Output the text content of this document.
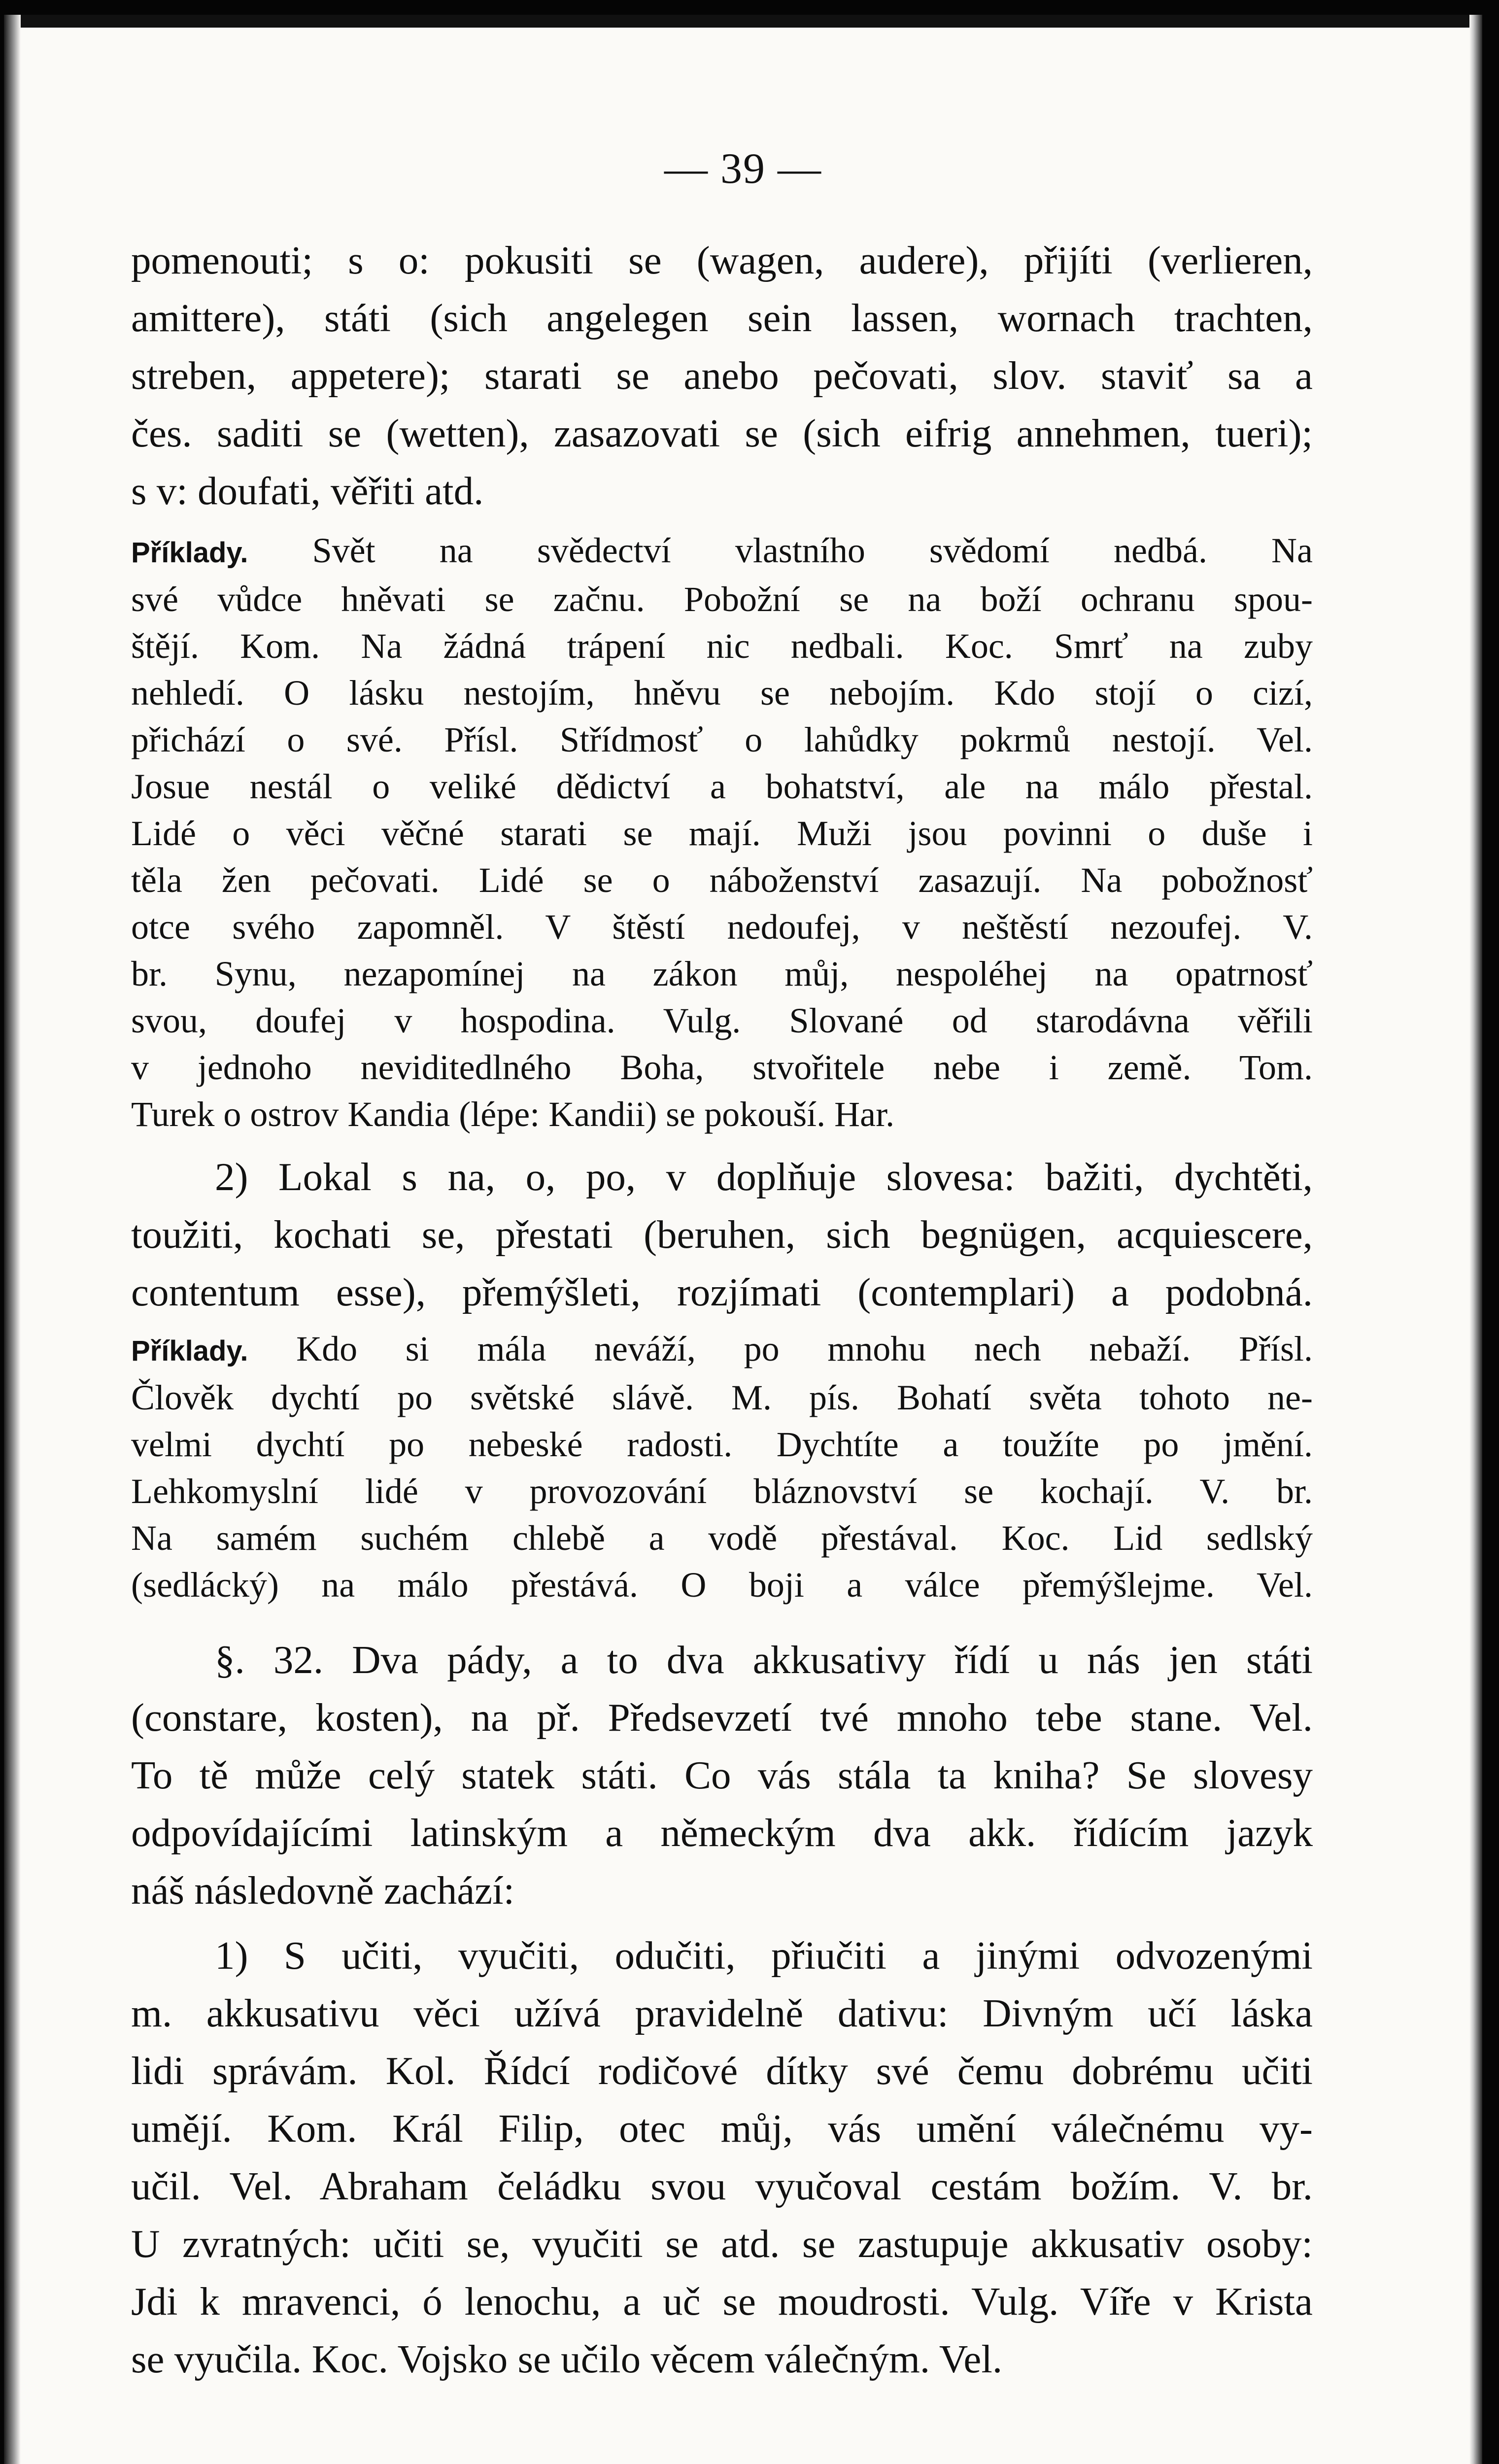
— 39 —
pomenouti; s o: pokusiti se (wagen, audere), přijíti (verlieren,
amittere), státi (sich angelegen sein lassen, wornach trachten,
streben, appetere); starati se anebo pečovati, slov. staviť sa a
čes. saditi se (wetten), zasazovati se (sich eifrig annehmen, tueri);
s v: doufati, věřiti atd.
Příklady. Svět na svědectví vlastního svědomí nedbá. Na
své vůdce hněvati se začnu. Pobožní se na boží ochranu spou-
štějí. Kom. Na žádná trápení nic nedbali. Koc. Smrť na zuby
nehledí. O lásku nestojím, hněvu se nebojím. Kdo stojí o cizí,
přichází o své. Přísl. Střídmosť o lahůdky pokrmů nestojí. Vel.
Josue nestál o veliké dědictví a bohatství, ale na málo přestal.
Lidé o věci věčné starati se mají. Muži jsou povinni o duše i
těla žen pečovati. Lidé se o náboženství zasazují. Na pobožnosť
otce svého zapomněl. V štěstí nedoufej, v neštěstí nezoufej. V.
br. Synu, nezapomínej na zákon můj, nespoléhej na opatrnosť
svou, doufej v hospodina. Vulg. Slované od starodávna věřili
v jednoho neviditedlného Boha, stvořitele nebe i země. Tom.
Turek o ostrov Kandia (lépe: Kandii) se pokouší. Har.
2) Lokal s na, o, po, v doplňuje slovesa: bažiti, dychtěti,
toužiti, kochati se, přestati (beruhen, sich begnügen, acquiescere,
contentum esse), přemýšleti, rozjímati (contemplari) a podobná.
Příklady. Kdo si mála neváží, po mnohu nech nebaží. Přísl.
Člověk dychtí po světské slávě. M. pís. Bohatí světa tohoto ne-
velmi dychtí po nebeské radosti. Dychtíte a toužíte po jmění.
Lehkomyslní lidé v provozování bláznovství se kochají. V. br.
Na samém suchém chlebě a vodě přestával. Koc. Lid sedlský
(sedlácký) na málo přestává. O boji a válce přemýšlejme. Vel.
§. 32. Dva pády, a to dva akkusativy řídí u nás jen státi
(constare, kosten), na př. Předsevzetí tvé mnoho tebe stane. Vel.
To tě může celý statek státi. Co vás stála ta kniha? Se slovesy
odpovídajícími latinským a německým dva akk. řídícím jazyk
náš následovně zachází:
1) S učiti, vyučiti, odučiti, přiučiti a jinými odvozenými
m. akkusativu věci užívá pravidelně dativu: Divným učí láska
lidi správám. Kol. Řídcí rodičové dítky své čemu dobrému učiti
umějí. Kom. Král Filip, otec můj, vás umění válečnému vy-
učil. Vel. Abraham čeládku svou vyučoval cestám božím. V. br.
U zvratných: učiti se, vyučiti se atd. se zastupuje akkusativ osoby:
Jdi k mravenci, ó lenochu, a uč se moudrosti. Vulg. Víře v Krista
se vyučila. Koc. Vojsko se učilo věcem válečným. Vel.
